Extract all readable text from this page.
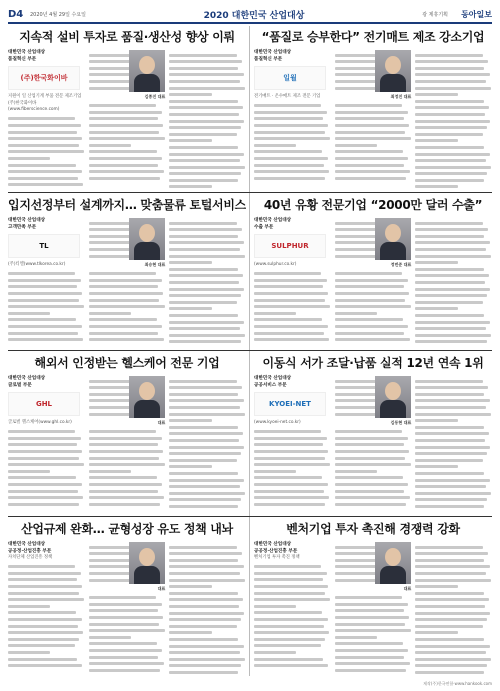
D4	2020년 4월 29일 수요일	2020 대한민국 산업대상	광 제휴기획	동아일보
지속적 설비 투자로 품질·생산성 향상 이뤄
대한민국 산업대상
품질혁신 부문
(주)한국화이바
지원이 일 산업기계 부품 전문 제조기업(주)한국화이바(www.fiberscience.com)
김종진 대표
“품질로 승부한다” 전기매트 제조 강소기업
대한민국 산업대상
품질혁신 부문
일월
전기매트 · 온수매트 제조 전문 기업	최정진 대표
입지선정부터 설계까지… 맞춤물류 토털서비스
대한민국 산업대상
고객만족 부문
TL
(주)티엘(www.tlkorea.co.kr)	최승현 대표
40년 유황 전문기업 “2000만 달러 수출”
대한민국 산업대상
수출 부문
SULPHUR
(www.sulphur.co.kr)	정번준 대표
해외서 인정받는 헬스케어 전문 기업
대한민국 산업대상
글로벌 부문
GHL
글로벌 헬스케어(www.ghl.co.kr)	대표
이동식 서가 조달·납품 실적 12년 연속 1위
대한민국 산업대상
공공서비스 부문
KYOEI-NET
(www.kyoei-net.co.kr)	김동현 대표
산업규제 완화… 균형성장 유도 정책 내놔
대한민국 산업대상
공공정·산업진흥 부문
자치단체 산업진흥 정책
대표
벤처기업 투자 촉진해 경쟁력 강화
대한민국 산업대상
공공정·산업진흥 부문
벤처기업 투자 촉진 정책
대표
제작(주)한국연합·www.hankook.com
